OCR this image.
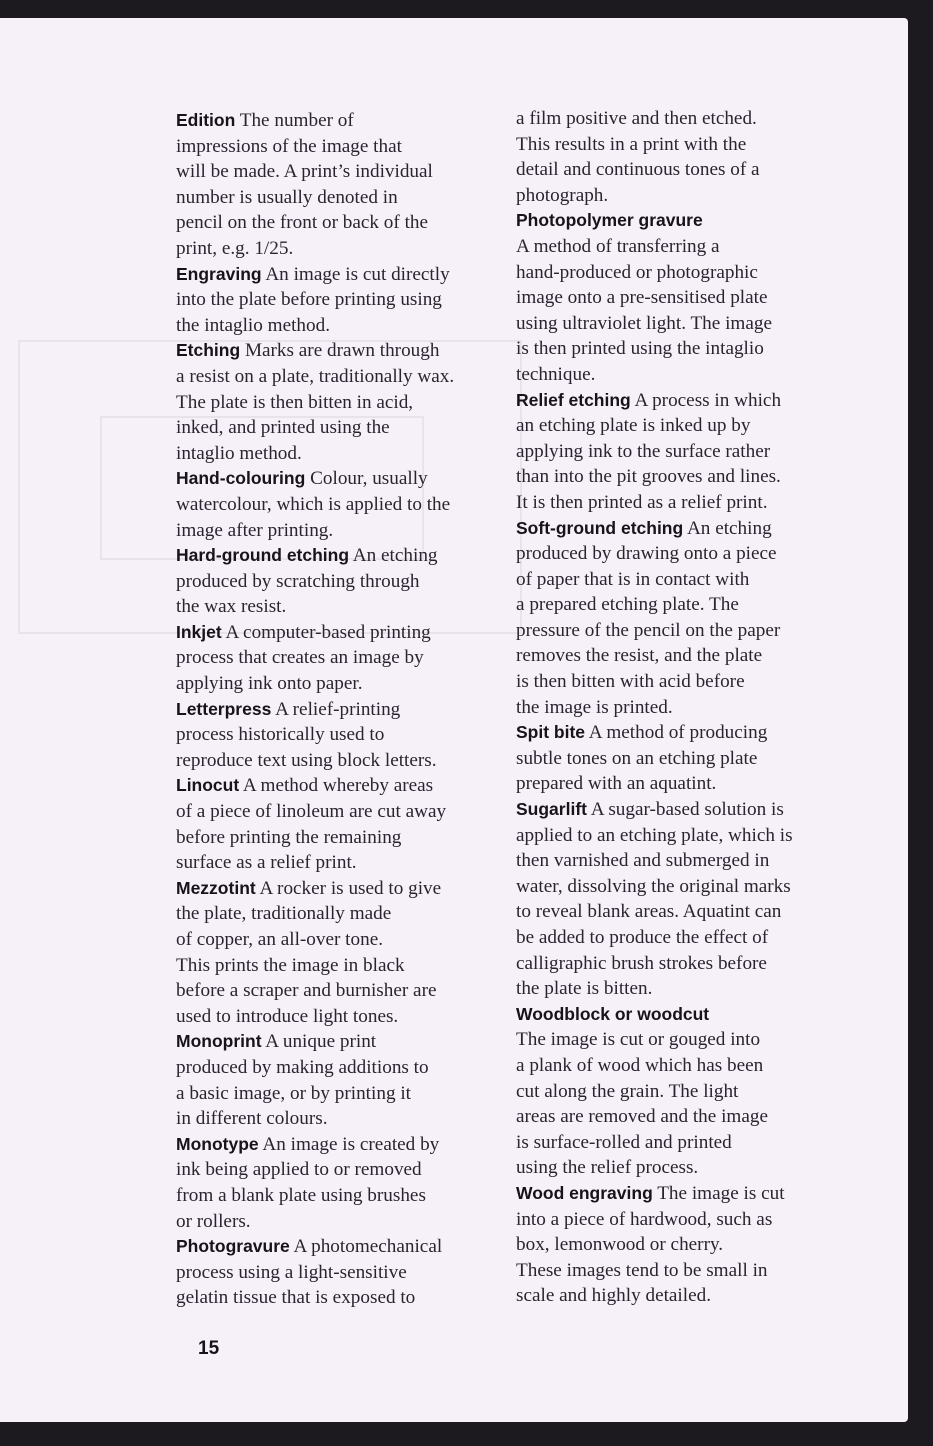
Edition The number of
impressions of the image that
will be made. A print’s individual
number is usually denoted in
pencil on the front or back of the
print, e.g. 1/25.
Engraving An image is cut directly
into the plate before printing using
the intaglio method.
Etching Marks are drawn through
a resist on a plate, traditionally wax.
The plate is then bitten in acid,
inked, and printed using the
intaglio method.
Hand-colouring Colour, usually
watercolour, which is applied to the
image after printing.
Hard-ground etching An etching
produced by scratching through
the wax resist.
Inkjet A computer-based printing
process that creates an image by
applying ink onto paper.
Letterpress A relief-printing
process historically used to
reproduce text using block letters.
Linocut A method whereby areas
of a piece of linoleum are cut away
before printing the remaining
surface as a relief print.
Mezzotint A rocker is used to give
the plate, traditionally made
of copper, an all-over tone.
This prints the image in black
before a scraper and burnisher are
used to introduce light tones.
Monoprint A unique print
produced by making additions to
a basic image, or by printing it
in different colours.
Monotype An image is created by
ink being applied to or removed
from a blank plate using brushes
or rollers.
Photogravure A photomechanical
process using a light-sensitive
gelatin tissue that is exposed to
a film positive and then etched.
This results in a print with the
detail and continuous tones of a
photograph.
Photopolymer gravure
A method of transferring a
hand-produced or photographic
image onto a pre-sensitised plate
using ultraviolet light. The image
is then printed using the intaglio
technique.
Relief etching A process in which
an etching plate is inked up by
applying ink to the surface rather
than into the pit grooves and lines.
It is then printed as a relief print.
Soft-ground etching An etching
produced by drawing onto a piece
of paper that is in contact with
a prepared etching plate. The
pressure of the pencil on the paper
removes the resist, and the plate
is then bitten with acid before
the image is printed.
Spit bite A method of producing
subtle tones on an etching plate
prepared with an aquatint.
Sugarlift A sugar-based solution is
applied to an etching plate, which is
then varnished and submerged in
water, dissolving the original marks
to reveal blank areas. Aquatint can
be added to produce the effect of
calligraphic brush strokes before
the plate is bitten.
Woodblock or woodcut
The image is cut or gouged into
a plank of wood which has been
cut along the grain. The light
areas are removed and the image
is surface-rolled and printed
using the relief process.
Wood engraving The image is cut
into a piece of hardwood, such as
box, lemonwood or cherry.
These images tend to be small in
scale and highly detailed.
15
